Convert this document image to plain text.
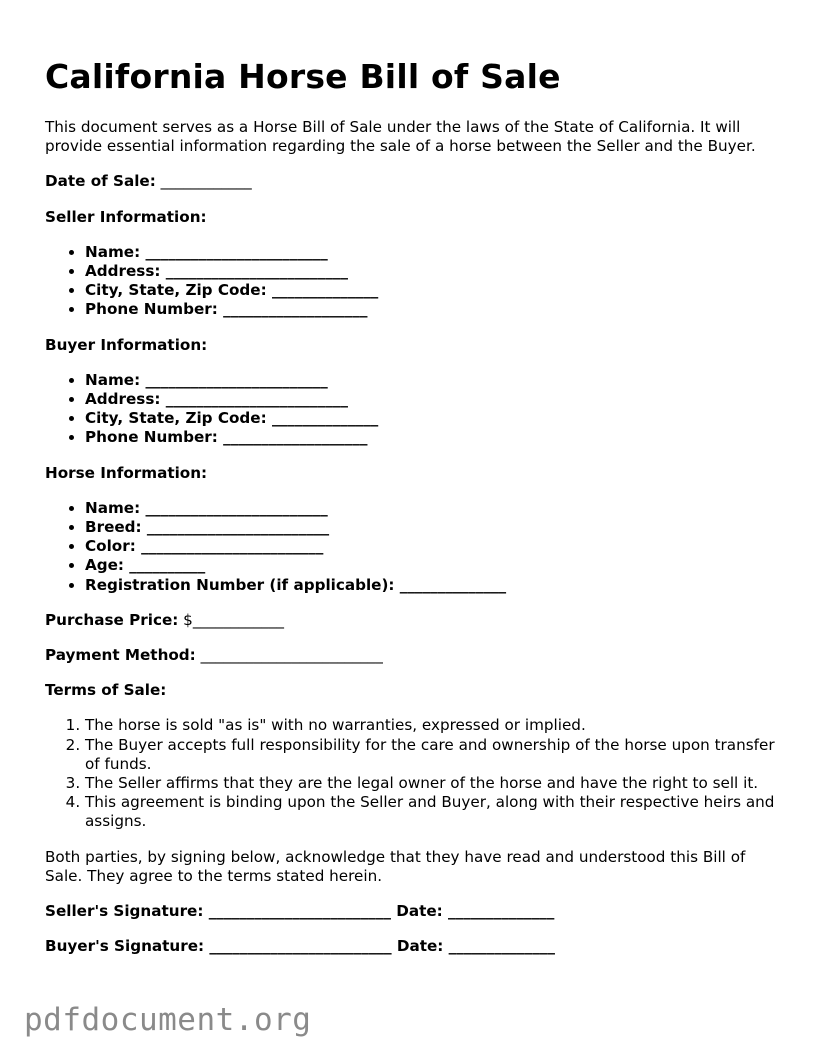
California Horse Bill of Sale

This document serves as a Horse Bill of Sale under the laws of the State of California. It will provide essential information regarding the sale of a horse between the Seller and the Buyer.

Date of Sale: ____________

Seller Information:

• Name: ________________________
• Address: ________________________
• City, State, Zip Code: ______________
• Phone Number: ___________________

Buyer Information:

• Name: ________________________
• Address: ________________________
• City, State, Zip Code: ______________
• Phone Number: ___________________

Horse Information:

• Name: ________________________
• Breed: ________________________
• Color: ________________________
• Age: __________
• Registration Number (if applicable): ______________

Purchase Price: $____________

Payment Method: ________________________

Terms of Sale:

1. The horse is sold "as is" with no warranties, expressed or implied.
2. The Buyer accepts full responsibility for the care and ownership of the horse upon transfer of funds.
3. The Seller affirms that they are the legal owner of the horse and have the right to sell it.
4. This agreement is binding upon the Seller and Buyer, along with their respective heirs and assigns.

Both parties, by signing below, acknowledge that they have read and understood this Bill of Sale. They agree to the terms stated herein.

Seller's Signature: ________________________ Date: ______________

Buyer's Signature: ________________________ Date: ______________

pdfdocument.org
